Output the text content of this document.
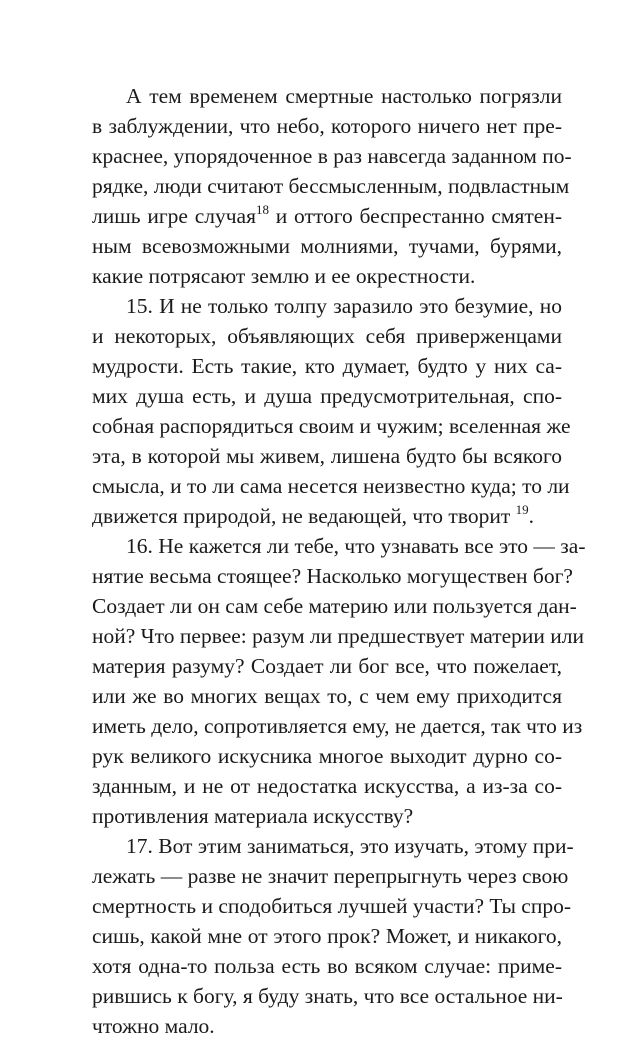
А тем временем смертные настолько погрязли
в заблуждении, что небо, которого ничего нет пре-
краснее, упорядоченное в раз навсегда заданном по-
рядке, люди считают бессмысленным, подвластным
лишь игре случая$^{18}$ и оттого беспрестанно смятен-
ным всевозможными молниями, тучами, бурями,
какие потрясают землю и ее окрестности.
15. И не только толпу заразило это безумие, но
и некоторых, объявляющих себя приверженцами
мудрости. Есть такие, кто думает, будто у них са-
мих душа есть, и душа предусмотрительная, спо-
собная распорядиться своим и чужим; вселенная же
эта, в которой мы живем, лишена будто бы всякого
смысла, и то ли сама несется неизвестно куда; то ли
движется природой, не ведающей, что творит $^{19}$.
16. Не кажется ли тебе, что узнавать все это — за-
нятие весьма стоящее? Насколько могуществен бог?
Создает ли он сам себе материю или пользуется дан-
ной? Что первее: разум ли предшествует материи или
материя разуму? Создает ли бог все, что пожелает,
или же во многих вещах то, с чем ему приходится
иметь дело, сопротивляется ему, не дается, так что из
рук великого искусника многое выходит дурно со-
зданным, и не от недостатка искусства, а из-за со-
противления материала искусству?
17. Вот этим заниматься, это изучать, этому при-
лежать — разве не значит перепрыгнуть через свою
смертность и сподобиться лучшей участи? Ты спро-
сишь, какой мне от этого прок? Может, и никакого,
хотя одна-то польза есть во всяком случае: приме-
рившись к богу, я буду знать, что все остальное ни-
чтожно мало.
